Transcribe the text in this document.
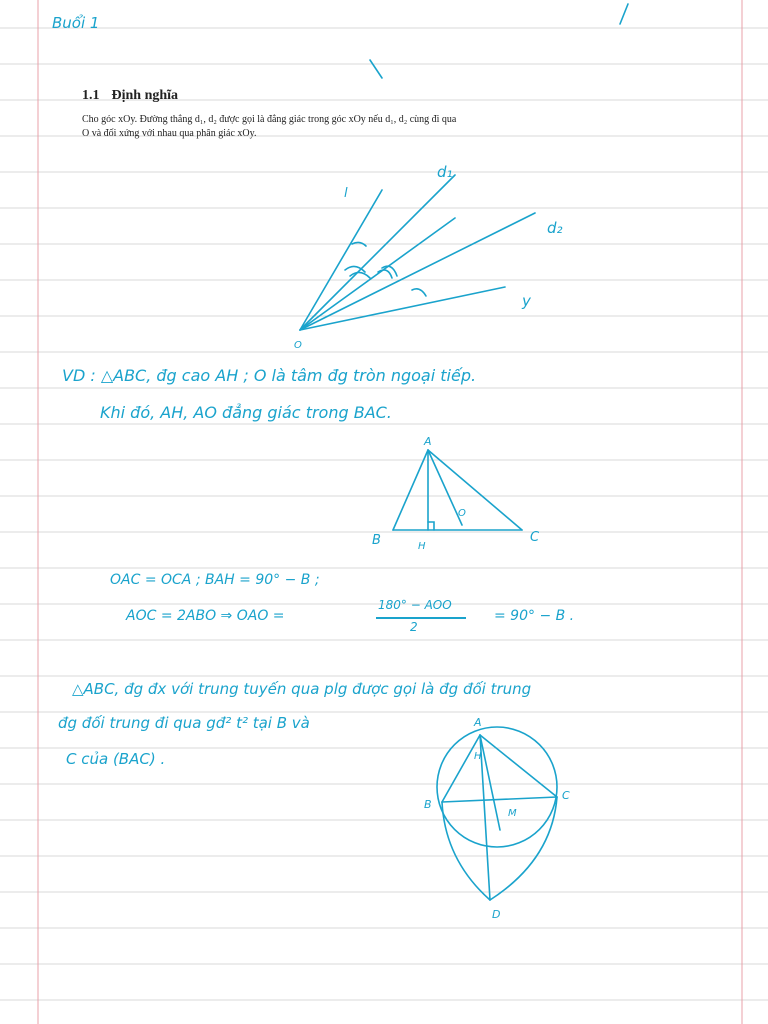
Buổi 1
1.1 Định nghĩa
Cho góc xOy. Đường thẳng d₁, d₂ được gọi là đẳng giác trong góc xOy nếu d₁, d₂ cùng đi qua
O và đối xứng với nhau qua phân giác xOy.
l
d₁
d₂
y
O
VD : △ABC, đg cao AH ; O là tâm đg tròn ngoại tiếp.
Khi đó, AH, AO đẳng giác trong BAC.
A
B	C
H
O
OAC = OCA ; BAH = 90° − B ;
AOC = 2ABO ⇒ OAO =
180° − AOO
2
= 90° − B .
△ABC, đg đx với trung tuyến qua plg được gọi là đg đối trung
đg đối trung đi qua gđ² t² tại B và
C của (BAC) .
A
H
B
C
M
D
